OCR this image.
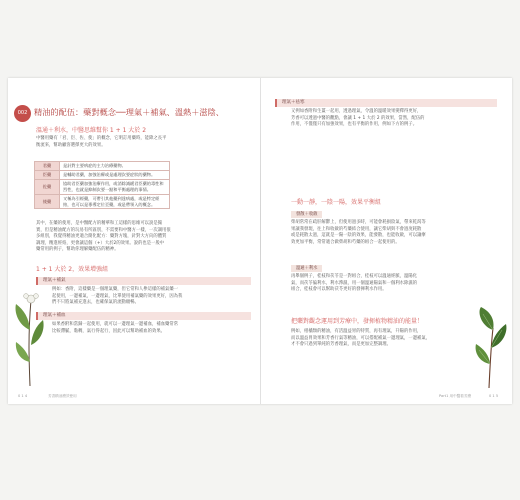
002 精油的配伍：藥對概念──理氣＋補氣、溫熱＋滋陰、
溫通＋利水，中醫思維幫你 1 + 1 大於 2
中醫用藥有「君、臣、佐、使」的概念，它明訂用藥時，能降之長平
衡流來，幫助顧客選擇更大的效果。
君藥	是針對主要病症的主力治療藥物。
臣藥	是輔助君藥，加強治療或是處理次要症狀的藥物。
佐藥	協助君臣藥加強治療作用，或消除減緩君臣藥的毒性和烈性，也就是抑制次要一點和平衡處理的事情。
使藥	又稱為引經藥，可帶引其他藥到達病處，或是特定經絡，也可以是專導定位至藥，或是帶領入的概念。
其中，在藥的使用，是中醫配方的精華和工這樣的思維可以說是獨
實，但是精油配方的玩易有所區別，不需要和中醫方一樣，一次調用很
多組別，我覺得精油更適合簡化配方：藥對方塊，針對大方向的體質
調理，精進經絡，更會讓這個（+）大於2的效果。說的也是一般中
藥常用的例子，幫助你理解藥配伍的精神。
1 + 1 大於 2，效果增強組
理氣＋補氣
例如：香附，這樣藥是一個理氣藥，但它常和人參這樣的補氣藥一
起使用，一邊補氣，一邊理氣，比單使用補氣藥的效果更好，因為我
們不只將氣補充進去，也確保氣的流動順暢。
理氣＋補血
如果香附和當歸一起使用，就可以一邊理氣一邊補血，補血藥常常
比較滯膩，黏稠，氣行得起行，因此可以幫助補血的效果。
0 1 4	芳香精油療效使用
理氣＋祛寒
又例如香附和生薑一起用，透過理氣，令溫的溫暖效果變釋得更好，
芳香可以透過中醫的觀點，會讓 1 + 1 大於 2 的效果，當然，配伍的
作用，不僅僅只有加強效果，也有平衡的作用，例如下方的例子。
一動一靜，一陰一陽，效果平衡組
發散＋收斂
柴胡常常在疏肝解鬱上，但使用過多時，可能會耗損陰氣，帶來乾渴等
果讓我發現，往上和收斂的芍藥結合使用，讓它柴胡與不會過度耗散
或是耗散太過，這就是一陽一陰的效果，能發散，也能收斂，可以讓療
效更加平衡，常常適合做柴胡和芍藥的組合一起使用的。
溫通＋利水
再舉個例子，桂枝和茯苓是一對組合，桂枝可以溫通經脈，溫陽化
氣，而茯苓偏利水，利水滲濕，用一個溫通陽氣和一個利水除濕的
組合，桂枝會可以幫助茯苓更好的發揮利水作用。
把藥對觀念運用到芳療中，發揮植物精油的能量！
例如，柑橘類的精油，有活溫益胃的特質，再有理氣，升陽的作用，
而以溫益胃效果和芳香行氣等精油，可以搭配補氣一邊理氣，一邊補氣，
才不會只過到單純的芳香理氣，而是更加完整調理。
Part1 用中醫看芳療	0 1 5
